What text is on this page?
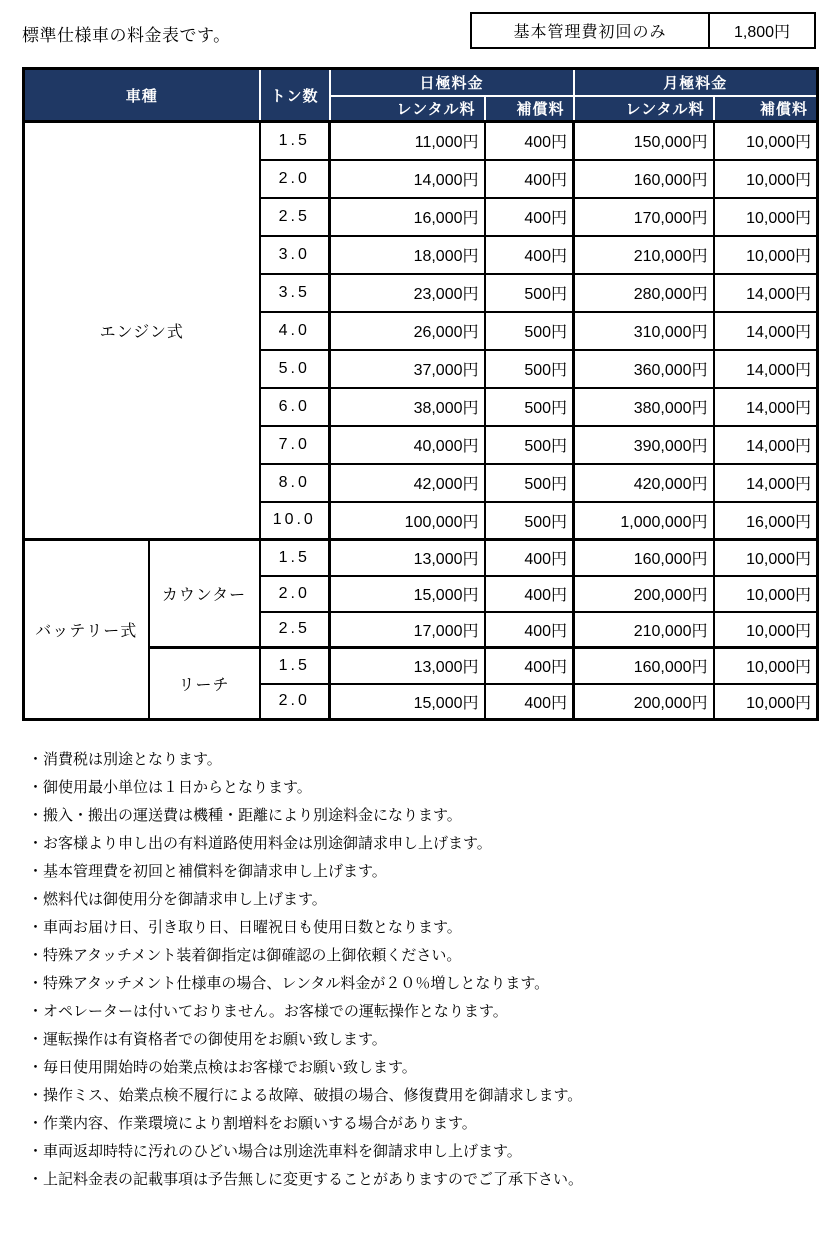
標準仕様車の料金表です。	基本管理費初回のみ	1,800円
車種		トン数	日極料金		月極料金	
			レンタル料	補償料	レンタル料	補償料
エンジン式		1.5	11,000円	400円	150,000円	10,000円
		2.0	14,000円	400円	160,000円	10,000円
		2.5	16,000円	400円	170,000円	10,000円
		3.0	18,000円	400円	210,000円	10,000円
		3.5	23,000円	500円	280,000円	14,000円
		4.0	26,000円	500円	310,000円	14,000円
		5.0	37,000円	500円	360,000円	14,000円
		6.0	38,000円	500円	380,000円	14,000円
		7.0	40,000円	500円	390,000円	14,000円
		8.0	42,000円	500円	420,000円	14,000円
		10.0	100,000円	500円	1,000,000円	16,000円
バッテリー式	カウンター	1.5	13,000円	400円	160,000円	10,000円
		2.0	15,000円	400円	200,000円	10,000円
		2.5	17,000円	400円	210,000円	10,000円
	リーチ	1.5	13,000円	400円	160,000円	10,000円
		2.0	15,000円	400円	200,000円	10,000円
・消費税は別途となります。
・御使用最小単位は１日からとなります。
・搬入・搬出の運送費は機種・距離により別途料金になります。
・お客様より申し出の有料道路使用料金は別途御請求申し上げます。
・基本管理費を初回と補償料を御請求申し上げます。
・燃料代は御使用分を御請求申し上げます。
・車両お届け日、引き取り日、日曜祝日も使用日数となります。
・特殊アタッチメント装着御指定は御確認の上御依頼ください。
・特殊アタッチメント仕様車の場合、レンタル料金が２０％増しとなります。
・オペレーターは付いておりません。お客様での運転操作となります。
・運転操作は有資格者での御使用をお願い致します。
・毎日使用開始時の始業点検はお客様でお願い致します。
・操作ミス、始業点検不履行による故障、破損の場合、修復費用を御請求します。
・作業内容、作業環境により割増料をお願いする場合があります。
・車両返却時特に汚れのひどい場合は別途洗車料を御請求申し上げます。
・上記料金表の記載事項は予告無しに変更することがありますのでご了承下さい。
